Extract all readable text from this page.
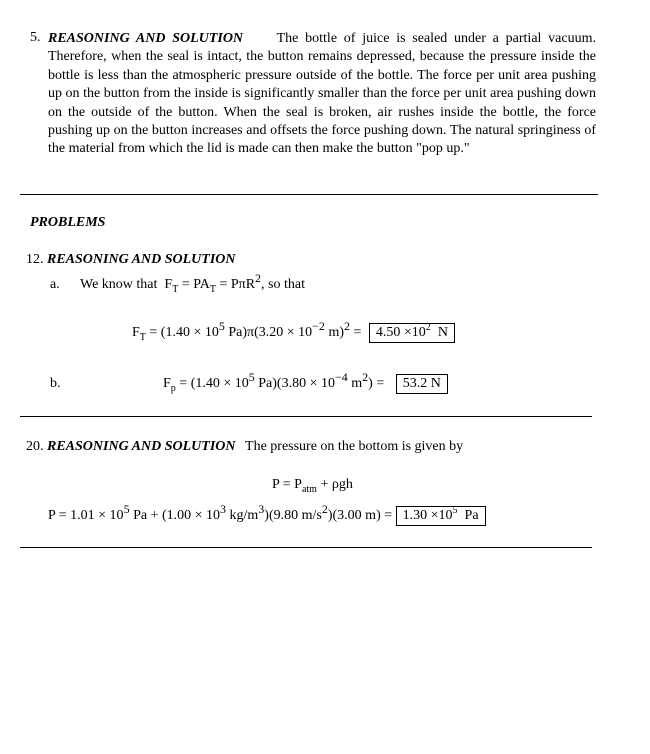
5. REASONING AND SOLUTION The bottle of juice is sealed under a partial vacuum. Therefore, when the seal is intact, the button remains depressed, because the pressure inside the bottle is less than the atmospheric pressure outside of the bottle. The force per unit area pushing up on the button from the inside is significantly smaller than the force per unit area pushing down on the outside of the button. When the seal is broken, air rushes inside the bottle, the force pushing up on the button increases and offsets the force pushing down. The natural springiness of the material from which the lid is made can then make the button "pop up."
PROBLEMS
12. REASONING AND SOLUTION
a. We know that  $F_T = PA_T = P\pi R2$, so that
$F_T = (1.40 \times 105$ Pa)π(3.20 × 10−2 $m)2 = 4.50 \times 10^2$ N
b.	$F_p = (1.40 \times 105$ Pa)(3.80 × 10−4 m2) = 53.2 N
20. REASONING AND SOLUTION The pressure on the bottom is given by
$P = P_{atm} + \rho gh$
P = 1.01 × 105 Pa + (1.00 × 103 kg/m3)(9.80 m/s2)(3.00 $m) = 1.30 \times 10^5$ Pa
